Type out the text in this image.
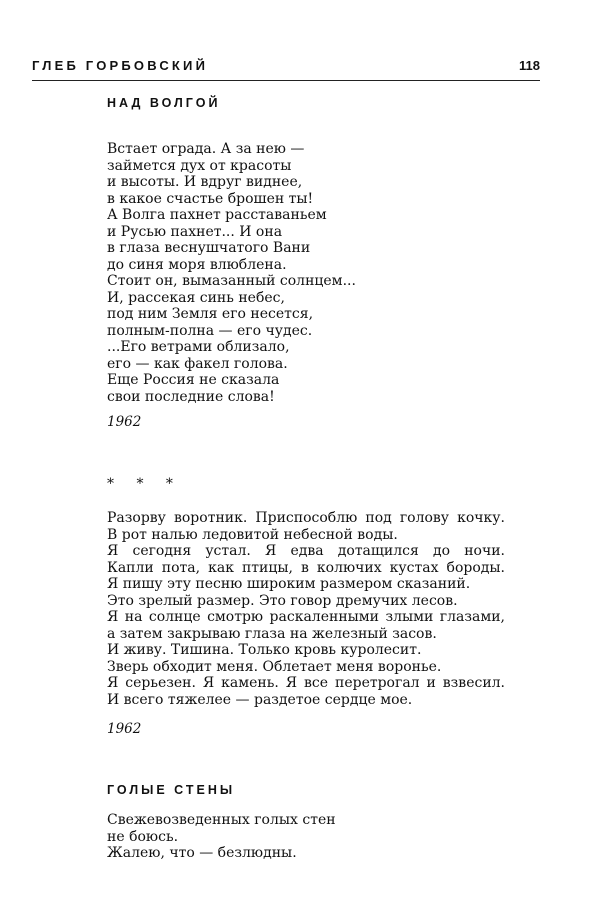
ГЛЕБ ГОРБОВСКИЙ	118
НАД ВОЛГОЙ
Встает ограда. А за нею —
займется дух от красоты
и высоты. И вдруг виднее,
в какое счастье брошен ты!
А Волга пахнет расставаньем
и Русью пахнет... И она
в глаза веснушчатого Вани
до синя моря влюблена.
Стоит он, вымазанный солнцем...
И, рассекая синь небес,
под ним Земля его несется,
полным-полна — его чудес.
...Его ветрами облизало,
его — как факел голова.
Еще Россия не сказала
свои последние слова!
1962
* * *
Разорву воротник. Приспособлю под голову кочку.
В рот налью ледовитой небесной воды.
Я сегодня устал. Я едва дотащился до ночи.
Капли пота, как птицы, в колючих кустах бороды.
Я пишу эту песню широким размером сказаний.
Это зрелый размер. Это говор дремучих лесов.
Я на солнце смотрю раскаленными злыми глазами,
а затем закрываю глаза на железный засов.
И живу. Тишина. Только кровь куролесит.
Зверь обходит меня. Облетает меня воронье.
Я серьезен. Я камень. Я все перетрогал и взвесил.
И всего тяжелее — раздетое сердце мое.
1962
ГОЛЫЕ СТЕНЫ
Свежевозведенных голых стен
не боюсь.
Жалею, что — безлюдны.
